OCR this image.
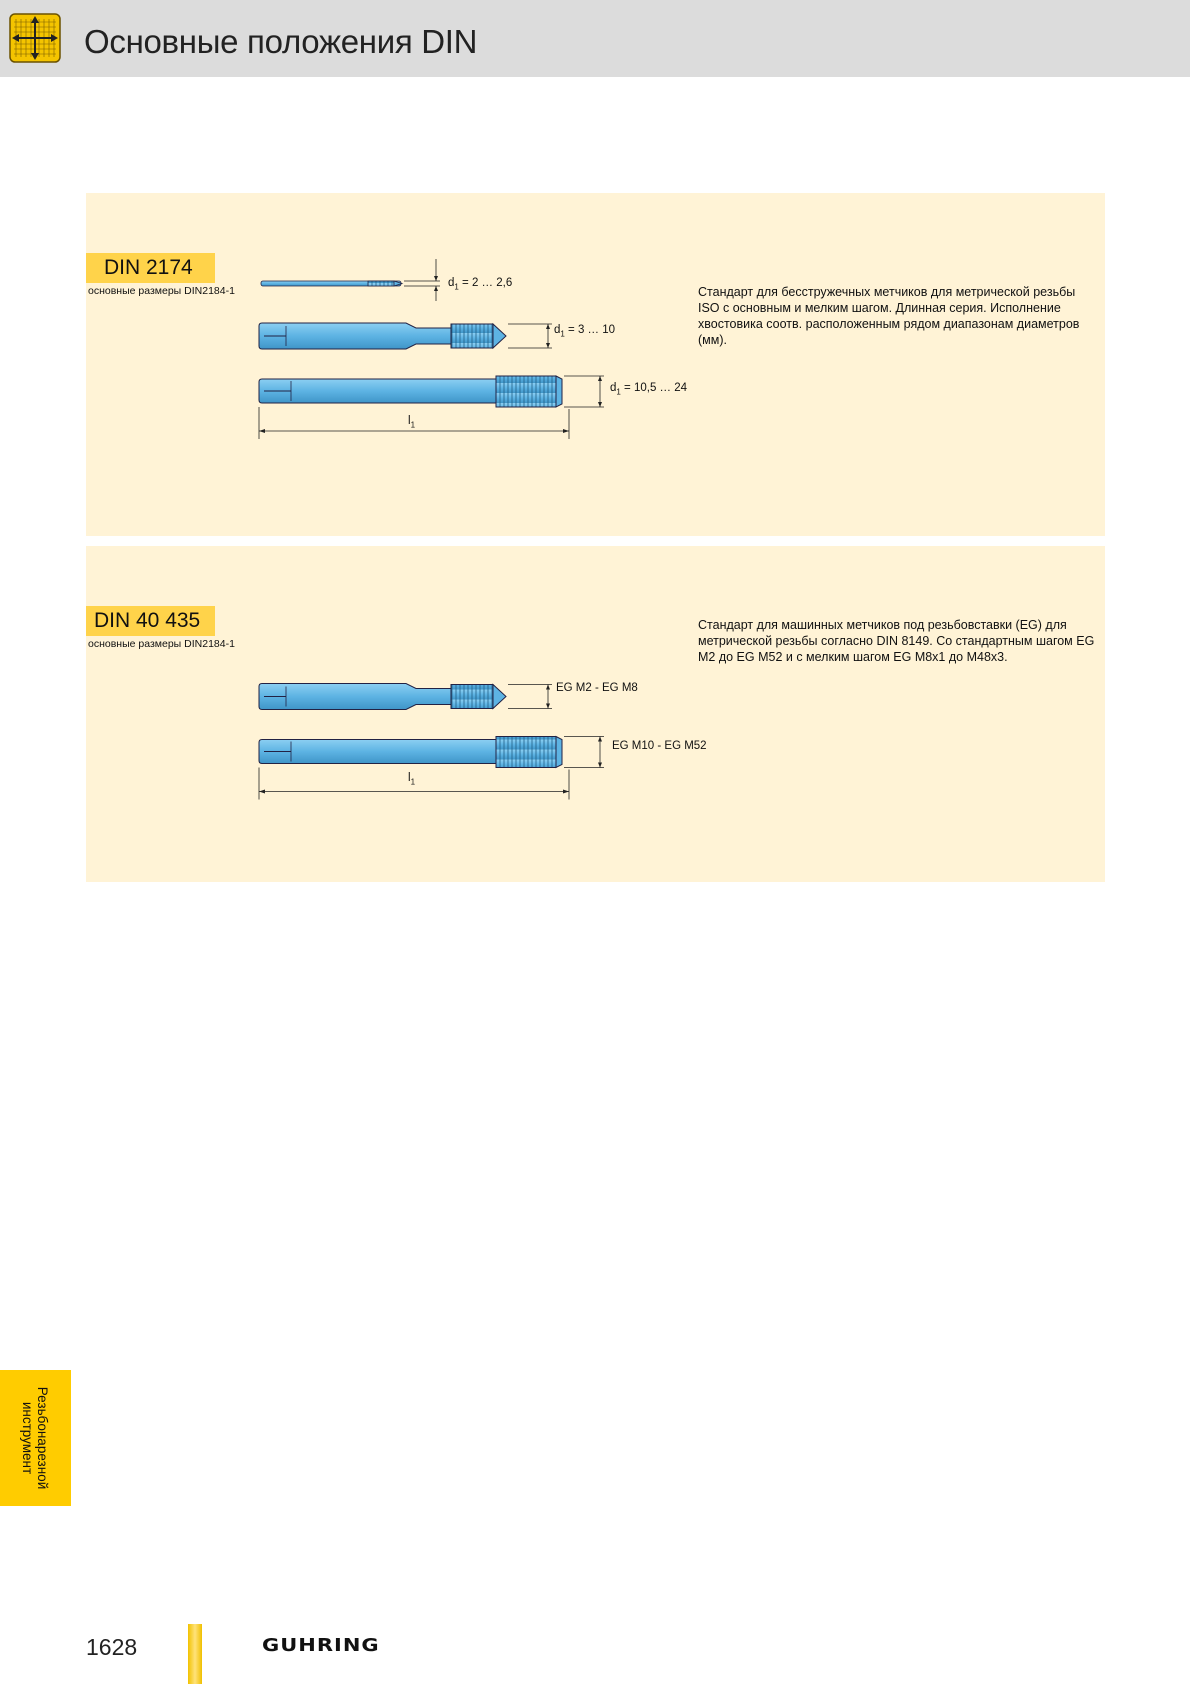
Основные положения DIN
DIN 2174
основные размеры DIN2184-1
$d_1 = 2$ … 2,6
$d_1 = 3$ … 10
$d_1 = 10,5$ … 24
$l_1$
Стандарт для бесстружечных метчиков для метрической резьбы ISO с основным и мелким шагом. Длинная серия. Исполнение хвостовика соотв. расположенным рядом диапазонам диаметров (мм).
DIN 40 435
основные размеры DIN2184-1
EG M2 - EG M8
EG M10 - EG M52
$l_1$
Стандарт для машинных метчиков под резьбовставки (EG) для метрической резьбы согласно DIN 8149. Со стандартным шагом EG M2 до EG M52 и с мелким шагом EG M8x1 до M48x3.
Резьбонарезной инструмент
1628	GUHRING
